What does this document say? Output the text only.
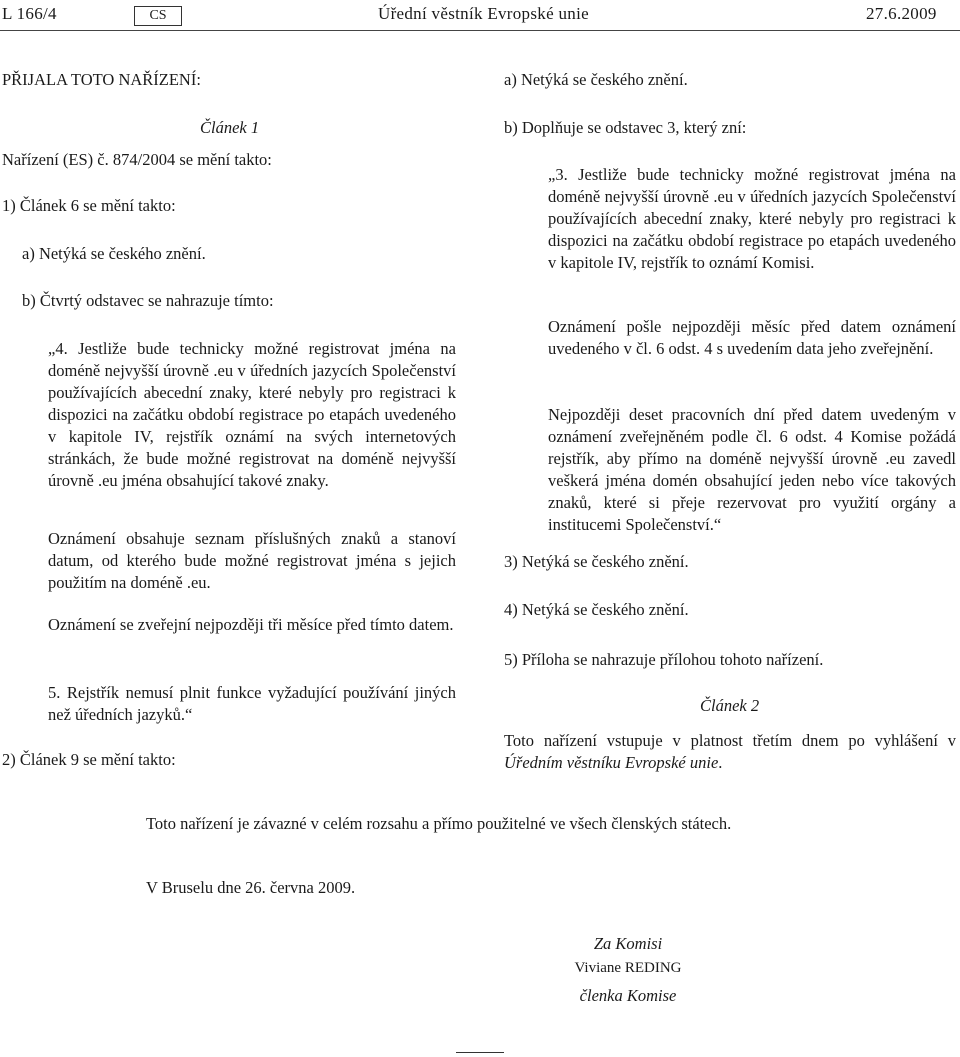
L 166/4	CS	Úřední věstník Evropské unie	27.6.2009
PŘIJALA TOTO NAŘÍZENÍ:
Článek 1
Nařízení (ES) č. 874/2004 se mění takto:
1) Článek 6 se mění takto:
a) Netýká se českého znění.
b) Čtvrtý odstavec se nahrazuje tímto:
„4. Jestliže bude technicky možné registrovat jména na doméně nejvyšší úrovně .eu v úředních jazycích Společenství používajících abecední znaky, které nebyly pro registraci k dispozici na začátku období registrace po etapách uvedeného v kapitole IV, rejstřík oznámí na svých internetových stránkách, že bude možné registrovat na doméně nejvyšší úrovně .eu jména obsahující takové znaky.
Oznámení obsahuje seznam příslušných znaků a stanoví datum, od kterého bude možné registrovat jména s jejich použitím na doméně .eu.
Oznámení se zveřejní nejpozději tři měsíce před tímto datem.
5. Rejstřík nemusí plnit funkce vyžadující používání jiných než úředních jazyků.“
2) Článek 9 se mění takto:
a) Netýká se českého znění.
b) Doplňuje se odstavec 3, který zní:
„3. Jestliže bude technicky možné registrovat jména na doméně nejvyšší úrovně .eu v úředních jazycích Společenství používajících abecední znaky, které nebyly pro registraci k dispozici na začátku období registrace po etapách uvedeného v kapitole IV, rejstřík to oznámí Komisi.
Oznámení pošle nejpozději měsíc před datem oznámení uvedeného v čl. 6 odst. 4 s uvedením data jeho zveřejnění.
Nejpozději deset pracovních dní před datem uvedeným v oznámení zveřejněném podle čl. 6 odst. 4 Komise požádá rejstřík, aby přímo na doméně nejvyšší úrovně .eu zavedl veškerá jména domén obsahující jeden nebo více takových znaků, které si přeje rezervovat pro využití orgány a institucemi Společenství.“
3) Netýká se českého znění.
4) Netýká se českého znění.
5) Příloha se nahrazuje přílohou tohoto nařízení.
Článek 2
Toto nařízení vstupuje v platnost třetím dnem po vyhlášení v Úředním věstníku Evropské unie.
Toto nařízení je závazné v celém rozsahu a přímo použitelné ve všech členských státech.
V Bruselu dne 26. června 2009.
Za Komisi
Viviane REDING
členka Komise
